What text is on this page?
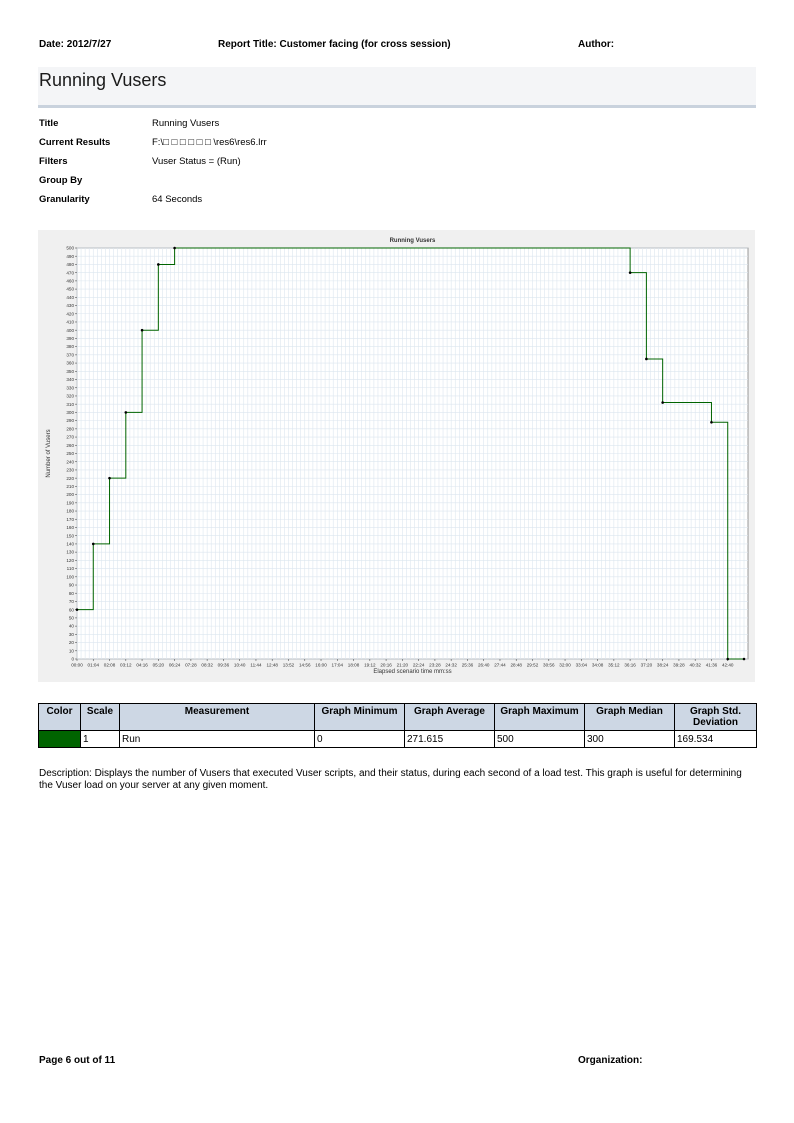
Date: 2012/7/27	Report Title: Customer facing (for cross session)	Author:
Running Vusers
Title	Running Vusers
Current Results	F:\□ □ □ □ □ □ \res6\res6.lrr
Filters	Vuser Status = (Run)
Group By
Granularity	64 Seconds
0
10
20
30
40
50
60
70
80
90
100
110
120
130
140
150
160
170
180
190
200
210
220
230
240
250
260
270
280
290
300
310
320
330
340
350
360
370
380
390
400
410
420
430
440
450
460
470
480
490
500
00:00 01:04 02:08 03:12 04:16 05:20 06:24 07:28 08:32 09:36 10:40 11:44 12:48 13:52 14:56 16:00 17:04 18:08 19:12 20:16 21:20 22:24 23:28 24:32 25:36 26:40 27:44 28:48 29:52 30:56 32:00 33:04 34:08 35:12 36:16 37:20 38:24 39:28 40:32 41:36 42:40
Running Vusers
Elapsed scenario time mm:ss
Number of Vusers
Color	Scale	Measurement	Graph Minimum	Graph Average	Graph Maximum	Graph Median	Graph Std. Deviation
	1	Run	0	271.615	500	300	169.534
Description: Displays the number of Vusers that executed Vuser scripts, and their status, during each second of a load test. This graph is useful for determining the Vuser load on your server at any given moment.
Page 6 out of 11	Organization:
